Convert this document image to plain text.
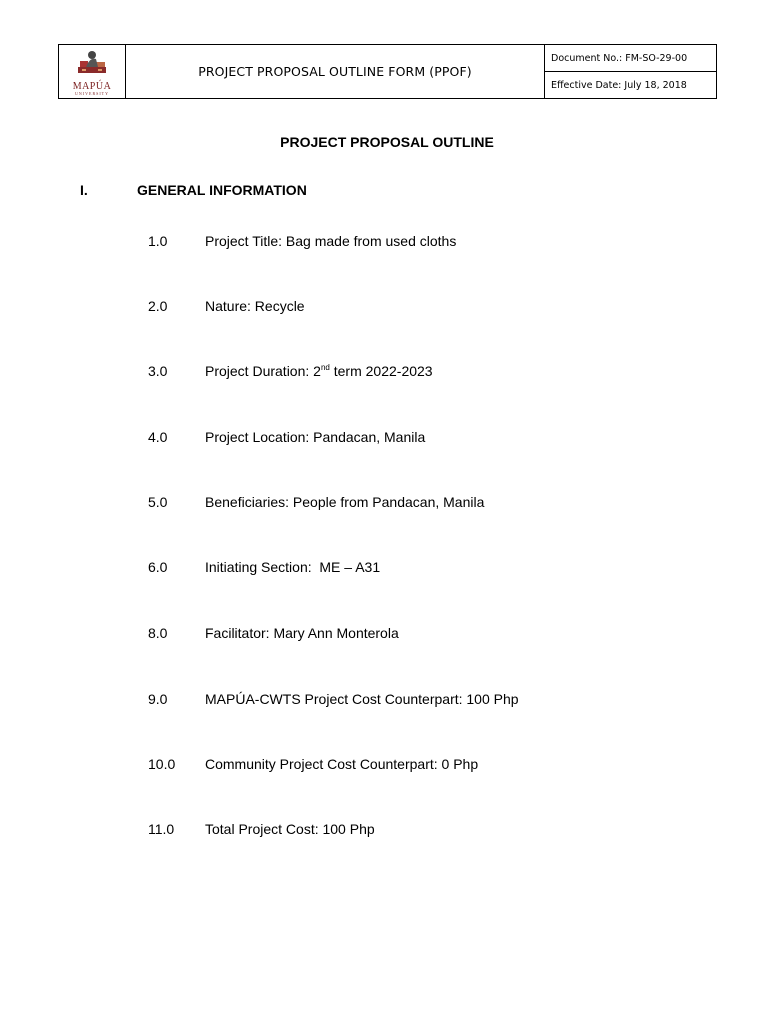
MAPÚA
UNIVERSITY
	PROJECT PROPOSAL OUTLINE FORM (PPOF)	Document No.: FM-SO-29-00
Effective Date: July 18, 2018
PROJECT PROPOSAL OUTLINE
I.	GENERAL INFORMATION
1.0	Project Title: Bag made from used cloths
2.0	Nature: Recycle
3.0	Project Duration: 2nd term 2022-2023
4.0	Project Location: Pandacan, Manila
5.0	Beneficiaries: People from Pandacan, Manila
6.0	Initiating Section:  ME – A31
8.0	Facilitator: Mary Ann Monterola
9.0	MAPÚA-CWTS Project Cost Counterpart: 100 Php
10.0 Community Project Cost Counterpart: 0 Php
11.0 Total Project Cost: 100 Php
